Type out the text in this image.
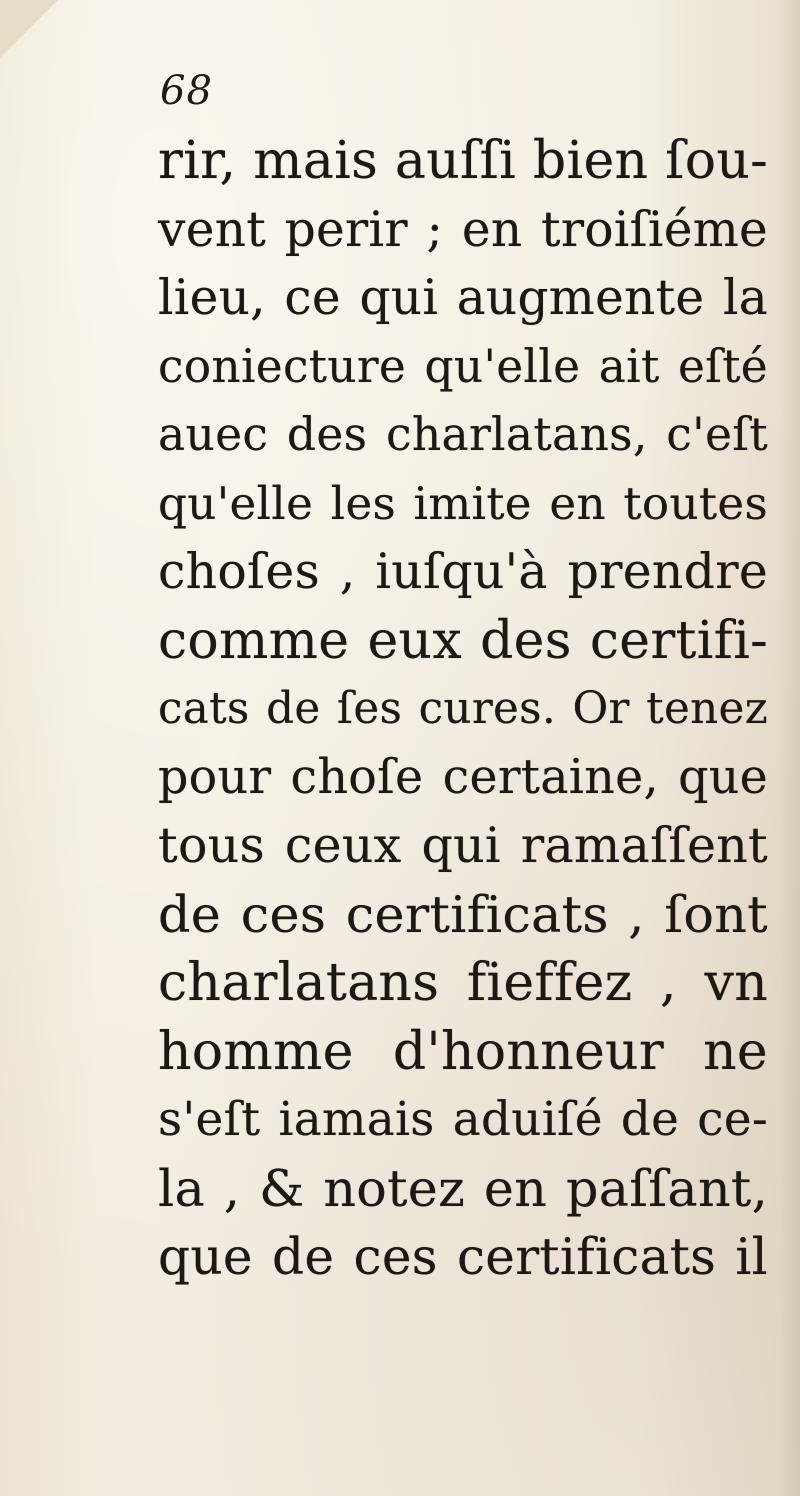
68
rir, mais auſſi bien ſou-
vent perir ; en troiſiéme
lieu, ce qui augmente la
coniecture qu'elle ait eſté
auec des charlatans, c'eſt
qu'elle les imite en toutes
choſes , iuſqu'à prendre
comme eux des certifi-
cats de ſes cures. Or tenez
pour choſe certaine, que
tous ceux qui ramaſſent
de ces certificats , ſont
charlatans fieffez , vn
homme d'honneur ne
s'eſt iamais aduiſé de ce-
la , & notez en paſſant,
que de ces certificats il
